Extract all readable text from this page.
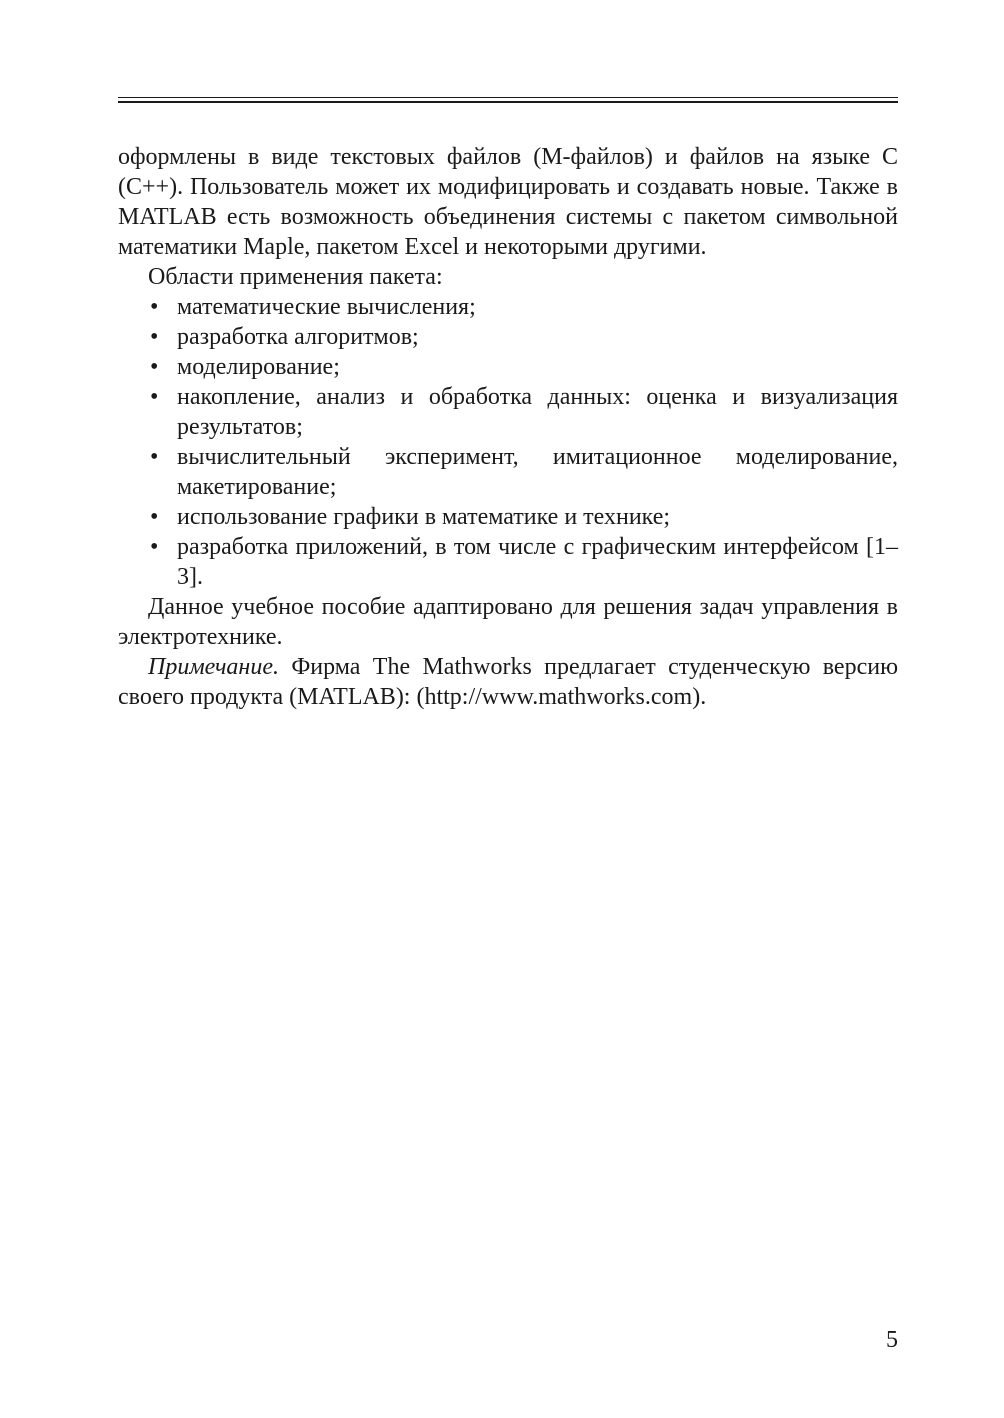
оформлены в виде текстовых файлов (М-файлов) и файлов на языке C (C++). Пользователь может их модифицировать и создавать новые. Также в MATLAB есть возможность объединения системы с пакетом символьной математики Maple, пакетом Excel и некоторыми другими.

Области применения пакета:

• математические вычисления;
• разработка алгоритмов;
• моделирование;
• накопление, анализ и обработка данных: оценка и визуализация результатов;
• вычислительный эксперимент, имитационное моделирование, макетирование;
• использование графики в математике и технике;
• разработка приложений, в том числе с графическим интерфейсом [1–3].

Данное учебное пособие адаптировано для решения задач управления в электротехнике.

Примечание. Фирма The Mathworks предлагает студенческую версию своего продукта (MATLAB): (http://www.mathworks.com).

5
